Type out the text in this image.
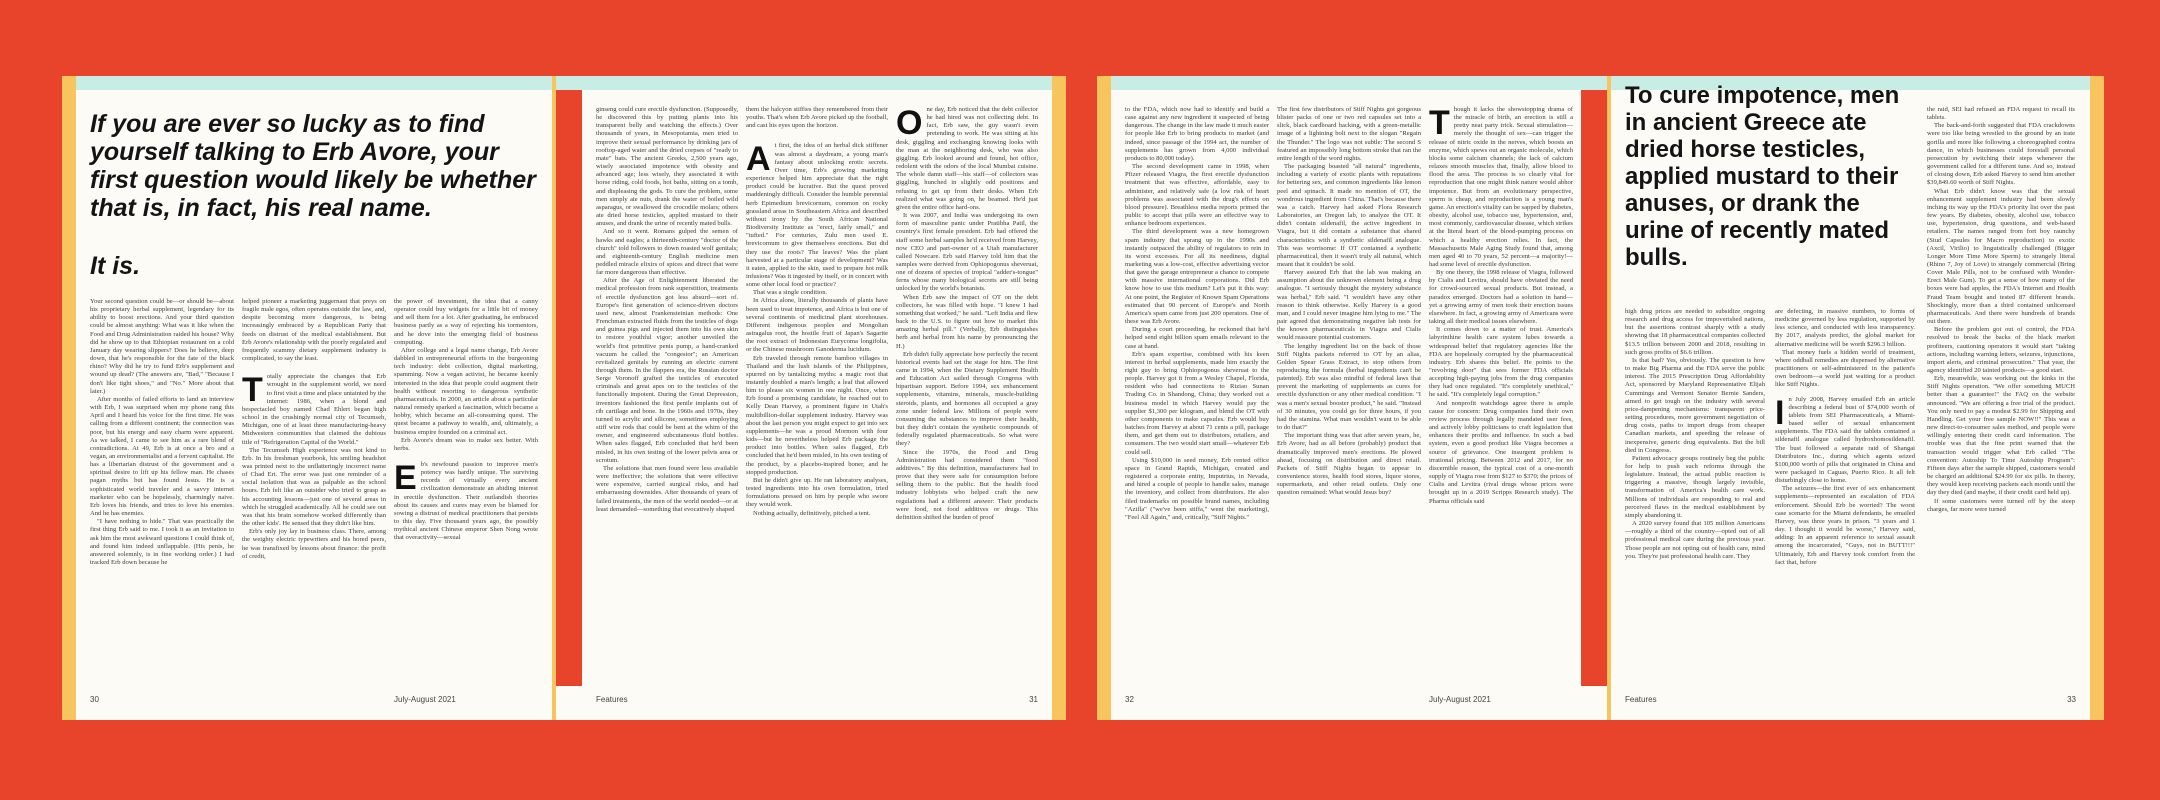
If you are ever so lucky as to find yourself talking to Erb Avore, your first question would likely be whether that is, in fact, his real name.
It is.

Your second question could be—or should be—about his proprietary herbal supplement, legendary for its ability to boost erections. And your third question could be almost anything: What was it like when the Food and Drug Administration raided his house? Why did he show up to that Ethiopian restaurant on a cold January day wearing slippers? Does he believe, deep down, that he's responsible for the fate of the black rhino? Why did he try to fund Erb's supplement and wound up dead? (The answers are, "Bad," "Because I don't like tight shoes," and "No." More about that later.)

After months of failed efforts to land an interview with Erb, I was surprised when my phone rang this April and I heard his voice for the first time. He was calling from a different continent; the connection was poor, but his energy and easy charm were apparent. As we talked, I came to see him as a rare blend of contradictions. At 49, Erb is at once a bro and a vegan, an environmentalist and a fervent capitalist. He has a libertarian distrust of the government and a spiritual desire to lift up his fellow man. He chases pagan myths but has found Jesus. He is a sophisticated world traveler and a savvy internet marketer who can be hopelessly, charmingly naive. Erb loves his friends, and tries to love his enemies. And he has enemies.

"I have nothing to hide." That was practically the first thing Erb said to me. I took it as an invitation to ask him the most awkward questions I could think of, and found him indeed unflappable. (His penis, he answered solemnly, is in fine working order.) I had tracked Erb down because he

helped pioneer a marketing juggernaut that preys on fragile male egos, often operates outside the law, and, despite becoming more dangerous, is being increasingly embraced by a Republican Party that feeds on distrust of the medical establishment. But Erb Avore's relationship with the poorly regulated and frequently scammy dietary supplement industry is complicated, to say the least.

T otally appreciate the changes that Erb wrought in the supplement world, we need to first visit a time and place untainted by the internet: 1986, when a blond and bespectacled boy named Chad Ehlert began high school in the crushingly normal city of Tecumseh, Michigan, one of at least three manufacturing-heavy Midwestern communities that claimed the dubious title of "Refrigeration Capital of the World."

The Tecumseh High experience was not kind to Erb. In his freshman yearbook, his smiling headshot was printed next to the unflatteringly incorrect name of Chad Ert. The error was just one reminder of a social isolation that was as palpable as the school hours. Erb felt like an outsider who tried to grasp as his accounting lessons—just one of several areas in which he struggled academically. All he could see out was that his brain somehow worked differently than the other kids'. He sensed that they didn't like him.

Erb's only joy lay in business class. There, among the weighty electric typewriters and his bored peers, he was transfixed by lessons about finance: the profit of credit,

the power of investment, the idea that a canny operator could buy widgets for a little bit of money and sell them for a lot. After graduating, he embraced business partly as a way of rejecting his tormentors, and he dove into the emerging field of business computing.

After college and a legal name change, Erb Avore dabbled in entrepreneurial efforts in the burgeoning tech industry: debt collection, digital marketing, spamming. Now a vegan activist, he became keenly interested in the idea that people could augment their health without resorting to dangerous synthetic pharmaceuticals. In 2000, an article about a particular natural remedy sparked a fascination, which became a hobby, which became an all-consuming quest. The quest became a pathway to wealth, and, ultimately, a business empire founded on a criminal act.

Erb Avore's dream was to make sex better. With herbs.

E b's newfound passion to improve men's potency was hardly unique. The surviving records of virtually every ancient civilization demonstrate an abiding interest in erectile dysfunction. Their outlandish theories about its causes and cures may even be blamed for sowing a distrust of medical practitioners that persists to this day. Five thousand years ago, the possibly mythical ancient Chinese emperor Shen Nong wrote that overactivity—sexual

30	July-August 2021

ginseng could cure erectile dysfunction. (Supposedly, he discovered this by putting plants into his transparent belly and watching the effects.) Over thousands of years, in Mesopotamia, men tried to improve their sexual performance by drinking jars of rooftop-aged water and the dried corpses of "ready to mate" bats. The ancient Greeks, 2,500 years ago, wisely associated impotence with obesity and advanced age; less wisely, they associated it with horse riding, cold foods, hot baths, sitting on a tomb, and displeasing the gods. To cure the problem, some men simply ate nuts, drank the water of boiled wild asparagus, or swallowed the crocodile molars; others ate dried horse testicles, applied mustard to their anuses, and drank the urine of recently mated bulls.

And so it went. Romans gulped the semen of hawks and eagles; a thirteenth-century "doctor of the church" told followers to down roasted wolf genitals; and eighteenth-century English medicine men peddled miracle elixirs of spices and direct that were far more dangerous than effective.

After the Age of Enlightenment liberated the medical profession from rank superstition, treatments of erectile dysfunction got less absurd—sort of. Europe's first generation of science-driven doctors used new, almost Frankensteinian methods: One Frenchman extracted fluids from the testicles of dogs and guinea pigs and injected them into his own skin to restore youthful vigor; another unveiled the world's first primitive penis pump, a hand-cranked vacuum he called the "congestor"; an American revitalized genitals by running an electric current through them. In the flappers era, the Russian doctor Serge Voronoff grafted the testicles of executed criminals and great apes on to the testicles of the functionally impotent. During the Great Depression, inventors fashioned the first penile implants out of rib cartilage and bone. In the 1960s and 1970s, they turned to acrylic and silicone, sometimes employing stiff wire rods that could be bent at the whim of the owner, and engineered subcutaneous fluid bottles. When sales flagged, Erb concluded that he'd been misled, in his own testing of the lower pelvis area or scrotum.

The solutions that men found were less available were ineffective; the solutions that were effective were expensive, carried surgical risks, and had embarrassing downsides. After thousands of years of failed treatments, the men of the world needed—or at least demanded—something that evocatively shaped

them the halcyon stiffies they remembered from their youths. That's when Erb Avore picked up the football, and cast his eyes upon the horizon.

A t first, the idea of an herbal dick stiffener was almost a daydream, a young man's fantasy about unlocking erotic secrets. Over time, Erb's growing marketing experience helped him appreciate that the right product could be lucrative. But the quest proved maddeningly difficult. Consider the humble perennial herb Epimedium brevicornum, common on rocky grassland areas in Southeastern Africa and described without irony by the South African National Biodiversity Institute as "erect, fairly small," and "tufted." For centuries, Zulu men used E. brevicornum to give themselves erections. But did they use the roots? The leaves? Was the plant harvested at a particular stage of development? Was it eaten, applied to the skin, used to prepare hot milk infusions? Was it ingested by itself, or in concert with some other local food or practice?

That was a single condition.

In Africa alone, literally thousands of plants have been used to treat impotence, and Africa is but one of several continents of medicinal plant storehouses. Different indigenous peoples and Mongolian astragalus root, the hostile fruit of Japan's Sagarite the root extract of Indonesian Eurycoma longifolia, or the Chinese mushroom Ganoderma lucidum.

Erb traveled through remote bamboo villages in Thailand and the lush islands of the Philippines, spurred on by tantalizing myths: a magic root that instantly doubled a man's length; a leaf that allowed him to please six women in one night. Once, when Erb found a promising candidate, he reached out to Kelly Dean Harvey, a prominent figure in Utah's multibillion-dollar supplement industry. Harvey was about the last person you might expect to get into sex supplements—he was a proud Mormon with four kids—but he nevertheless helped Erb package the product into bottles. When sales flagged, Erb concluded that he'd been misled, in his own testing of the product, by a placebo-inspired boner, and he stopped production.

But he didn't give up. He ran laboratory analyses, tested ingredients into his own formulation, tried formulations pressed on him by people who swore they would work.

Nothing actually, definitively, pitched a tent.

O ne day, Erb noticed that the debt collector he had hired was not collecting debt. In fact, Erb saw, the guy wasn't even pretending to work. He was sitting at his desk, giggling and exchanging knowing looks with the man at the neighboring desk, who was also giggling. Erb looked around and found, hot office, redolent with the odors of the local Mumbai cuisine. The whole damn staff—his staff—of collectors was giggling, hunched in slightly odd positions and refusing to get up from their desks. When Erb realized what was going on, he beamed. He'd just given the entire office hard-ons.

It was 2007, and India was undergoing its own form of masculine panic under Pratibha Patil, the country's first female president. Erb had offered the staff some herbal samples he'd received from Harvey, now CEO and part-owner of a Utah manufacturer called Nowcare. Erb said Harvey told him that the samples were derived from Ophiopogonus sheveruat, one of dozens of species of tropical "adder's-tongue" ferns whose many biological secrets are still being unlocked by the world's botanists.

When Erb saw the impact of OT on the debt collectors, he was filled with hope. "I knew I had something that worked," he said. "Left India and flew back to the U.S. to figure out how to market this amazing herbal pill." (Verbally, Erb distinguishes herb and herbal from his name by pronouncing the H.)

Erb didn't fully appreciate how perfectly the recent historical events had set the stage for him. The first came in 1994, when the Dietary Supplement Health and Education Act sailed through Congress with bipartisan support. Before 1994, sex enhancement supplements, vitamins, minerals, muscle-building steroids, plants, and hormones all occupied a gray zone under federal law. Millions of people were consuming the substances to improve their health, but they didn't contain the synthetic compounds of federally regulated pharmaceuticals. So what were they?

Since the 1970s, the Food and Drug Administration had considered them "food additives." By this definition, manufacturers had to prove that they were safe for consumption before selling them to the public. But the health food industry lobbyists who helped craft the new regulations had a different answer: Their products were food, not food additives or drugs. This definition shifted the burden of proof

Features	31

to the FDA, which now had to identify and build a case against any new ingredient it suspected of being dangerous. The change in the law made it much easier for people like Erb to bring products to market (and indeed, since passage of the 1994 act, the number of supplements has grown from 4,000 individual products to 80,000 today).

The second development came in 1998, when Pfizer released Viagra, the first erectile dysfunction treatment that was effective, affordable, easy to administer, and relatively safe (a low risk of heart problems was associated with the drug's effects on blood pressure). Breathless media reports primed the public to accept that pills were an effective way to enhance bedroom experiences.

The third development was a new homegrown spam industry that sprang up in the 1990s and instantly outpaced the ability of regulators to rein in its worst excesses. For all its neediness, digital marketing was a low-cost, effective advertising vector that gave the garage entrepreneur a chance to compete with massive international corporations. Did Erb know how to use this medium? Let's put it this way: At one point, the Register of Known Spam Operations estimated that 90 percent of Europe's and North America's spam came from just 200 operators. One of these was Erb Avore.

During a court proceeding, he reckoned that he'd helped send eight billion spam emails relevant to the case at hand.

Erb's spam expertise, combined with his keen interest in herbal supplements, made him exactly the right guy to bring Ophiopogonus sheveruat to the people. Harvey got it from a Wesley Chapel, Florida, resident who had connections to Riziao Sunan Trading Co. in Shandong, China; they worked out a business model in which Harvey would pay the supplier $1,300 per kilogram, and blend the OT with other components to make capsules. Erb would buy batches from Harvey at about 71 cents a pill, package them, and get them out to distributors, retailers, and consumers. The two would start small—whatever Erb could sell.

Using $10,000 in seed money, Erb rented office space in Grand Rapids, Michigan, created and registered a corporate entity, Imputrius, in Nevada, and hired a couple of people to handle sales, manage the inventory, and collect from distributors. He also filed trademarks on possible brand names, including "Azifla" ("we've been stiffa," went the marketing), "Feel All Again," and, critically, "Stiff Nights."

The first few distributors of Stiff Nights got gorgeous blister packs of one or two red capsules set into a slick, black cardboard backing, with a green-metallic image of a lightning bolt next to the slogan "Regain the Thunder." The logo was not subtle: The second S featured an impossibly long bottom stroke that ran the entire length of the word nights.

The packaging boasted "all natural" ingredients, including a variety of exotic plants with reputations for bettering sex, and common ingredients like lemon peel and spinach. It made no mention of OT, the wondrous ingredient from China. That's because there was a catch. Harvey had asked Flora Research Laboratories, an Oregon lab, to analyze the OT. It didn't contain sildenafil, the active ingredient in Viagra, but it did contain a substance that shared characteristics with a synthetic sildenafil analogue. This was worrisome: If OT contained a synthetic pharmaceutical, then it wasn't truly all natural, which meant that it couldn't be sold.

Harvey assured Erb that the lab was making an assumption about the unknown element being a drug analogue. "I seriously thought the mystery substance was herbal," Erb said. "I wouldn't have any other reason to think otherwise. Kelly Harvey is a good man, and I could never imagine him lying to me." The pair agreed that demonstrating negative lab tests for the known pharmaceuticals in Viagra and Cialis would reassure potential customers.

The lengthy ingredient list on the back of those Stiff Nights packets referred to OT by an alias, Golden Spear Grass Extract, to stop others from reproducing the formula (herbal ingredients can't be patented). Erb was also mindful of federal laws that prevent the marketing of supplements as cures for erectile dysfunction or any other medical condition. "I was a men's sexual booster product," he said. "Instead of 30 minutes, you could go for three hours, if you had the stamina. What man wouldn't want to be able to do that?"

The important thing was that after seven years, he, Erb Avore, had as all before (probably) product that dramatically improved men's erections. He plowed ahead, focusing on distribution and direct retail. Packets of Stiff Nights began to appear in convenience stores, health food stores, liquor stores, supermarkets, and other retail outlets. Only one question remained: What would Jesus buy?

T hough it lacks the showstopping drama of the miracle of birth, an erection is still a pretty neat party trick. Sexual stimulation—merely the thought of sex—can trigger the release of nitric oxide in the nerves, which boosts an enzyme, which spews out an organic molecule, which blocks some calcium channels; the lack of calcium relaxes smooth muscles that, finally, allow blood to flood the area. The process is so clearly vital for reproduction that one might think nature would abhor impotence. But from an evolutionary perspective, sperm is cheap, and reproduction is a young man's game. An erection's vitality can be sapped by diabetes, obesity, alcohol use, tobacco use, hypertension, and, most commonly, cardiovascular disease, which strikes at the literal heart of the blood-pumping process on which a healthy erection relies. In fact, the Massachusetts Male Aging Study found that, among men aged 40 to 70 years, 52 percent—a majority!—had some level of erectile dysfunction.

By one theory, the 1998 release of Viagra, followed by Cialis and Levitra, should have obviated the need for crowd-sourced sexual products. But instead, a paradox emerged. Doctors had a solution in hand—yet a growing army of men took their erection issues elsewhere. In fact, a growing army of Americans were taking all their medical issues elsewhere.

It comes down to a matter of trust. America's labyrinthine health care system lubes towards a widespread belief that regulatory agencies like the FDA are hopelessly corrupted by the pharmaceutical industry. Erb shares this belief. He points to the "revolving door" that sees former FDA officials accepting high-paying jobs from the drug companies they had once regulated. "It's completely unethical," he said. "It's completely legal corruption."

And nonprofit watchdogs agree there is ample cause for concern: Drug companies fund their own review process through legally mandated user fees, and actively lobby politicians to craft legislation that enhances their profits and influence. In such a bad system, even a good product like Viagra becomes a source of grievance. One insurgent problem is irrational pricing. Between 2012 and 2017, for no discernible reason, the typical cost of a one-month supply of Viagra rose from $127 to $370; the prices of Cialis and Levitra (rival drugs whose prices were brought up in a 2019 Scripps Research study). The Pharma officials said

32	July-August 2021
To cure impotence, men in ancient Greece ate dried horse testicles, applied mustard to their anuses, or drank the urine of recently mated bulls.

high drug prices are needed to subsidize ongoing research and drug access for impoverished nations, but the assertions contrast sharply with a study showing that 18 pharmaceutical companies collected $13.5 trillion between 2000 and 2018, resulting in such gross profits of $6.6 trillion.

Is that bad? Yes, obviously. The question is how to make Big Pharma and the FDA serve the public interest. The 2015 Prescription Drug Affordability Act, sponsored by Maryland Representative Elijah Cummings and Vermont Senator Bernie Sanders, aimed to get tough on the industry with several price-dampening mechanisms: transparent price-setting procedures, more government negotiation of drug costs, paths to import drugs from cheaper Canadian markets, and speeding the release of inexpensive, generic drug equivalents. But the bill died in Congress.

Patient advocacy groups routinely beg the public for help to push such reforms through the legislature. Instead, the actual public reaction is triggering a massive, though largely invisible, transformation of America's health care work. Millions of individuals are responding to real and perceived flaws in the medical establishment by simply abandoning it.

A 2020 survey found that 105 million Americans—roughly a third of the country—opted out of all professional medical care during the previous year. Those people are not opting out of health care, mind you. They're just professional health care. They

are defecting, in massive numbers, to forms of medicine governed by less regulation, supported by less science, and conducted with less transparency. By 2017, analysts predict, the global market for alternative medicine will be worth $296.3 billion.

That money fuels a hidden world of treatment, where oddball remedies are dispensed by alternative practitioners or self-administered in the patient's own bedroom—a world just waiting for a product like Stiff Nights.

I n July 2008, Harvey emailed Erb an article describing a federal bust of $74,000 worth of tablets from SEI Pharmaceuticals, a Miami-based seller of sexual enhancement supplements. The FDA said the tablets contained a sildenafil analogue called hydroxhomosildenafil. The bust followed a separate raid of Shangai Distributors Inc., during which agents seized $100,000 worth of pills that originated in China and were packaged in Caguas, Puerto Rico. It all felt disturbingly close to home.

The seizures—the first ever of sex enhancement supplements—represented an escalation of FDA enforcement. Should Erb be worried? The worst case scenario for the Miami defendants, he emailed Harvey, was three years in prison. "3 years and 1 day. I thought it would be worse," Harvey said, adding: In an apparent reference to sexual assault among the incarcerated, "Guys, not in BUTT!!!" Ultimately, Erb and Harvey took comfort from the fact that, before

the raid, SEI had refused an FDA request to recall its tablets.

The back-and-forth suggested that FDA crackdowns were too like being wrestled to the ground by an irate gorilla and more like following a choreographed contra dance, in which businesses could forestall personal persecution by switching their steps whenever the government called for a different tune. And so, instead of closing down, Erb asked Harvey to send him another $39,849.60 worth of Stiff Nights.

What Erb didn't know was that the sexual enhancement supplement industry had been slowly inching its way up the FDA's priority list over the past few years. By diabetes, obesity, alcohol use, tobacco use, hypertension, drug questions, and web-based retailers. The names ranged from fort boy raunchy (Stud Capsules for Macro reproduction) to exotic (Axcil, Virilio) to linguistically challenged (Bigger Longer More Time More Sperm) to strangely literal (Rhino 7, Joy of Love) to strangely commercial (Bring Cover Male Pills, not to be confused with Wonder-Erect Male Gum). To get a sense of how many of the boxes were bad apples, the FDA's Internet and Health Fraud Team bought and tested 87 different brands. Shockingly, more than a third contained unlicensed pharmaceuticals. And there were hundreds of brands out there.

Before the problem got out of control, the FDA resolved to break the backs of the black market profiteers, cautioning operators it would start "taking actions, including warning letters, seizures, injunctions, import alerts, and criminal prosecution." That year, the agency identified 20 tainted products—a good start.

Erb, meanwhile, was working out the kinks in the Stiff Nights operation. "We offer something MUCH better than a guarantee!" the FAQ on the website announced. "We are offering a free trial of the product. You only need to pay a modest $2.99 for Shipping and Handling. Get your free sample NOW!!" This was a new direct-to-consumer sales method, and people were willingly entering their credit card information. The trouble was that the fine print warned that the transaction would trigger what Erb called "The convention: Autoship To Time Autoship Program": Fifteen days after the sample shipped, customers would be charged an additional $24.99 for six pills. In theory, they would keep receiving packets each month until the day they died (and maybe, if their credit card held up).

If some customers were turned off by the steep charges, far more were turned

Features	33
